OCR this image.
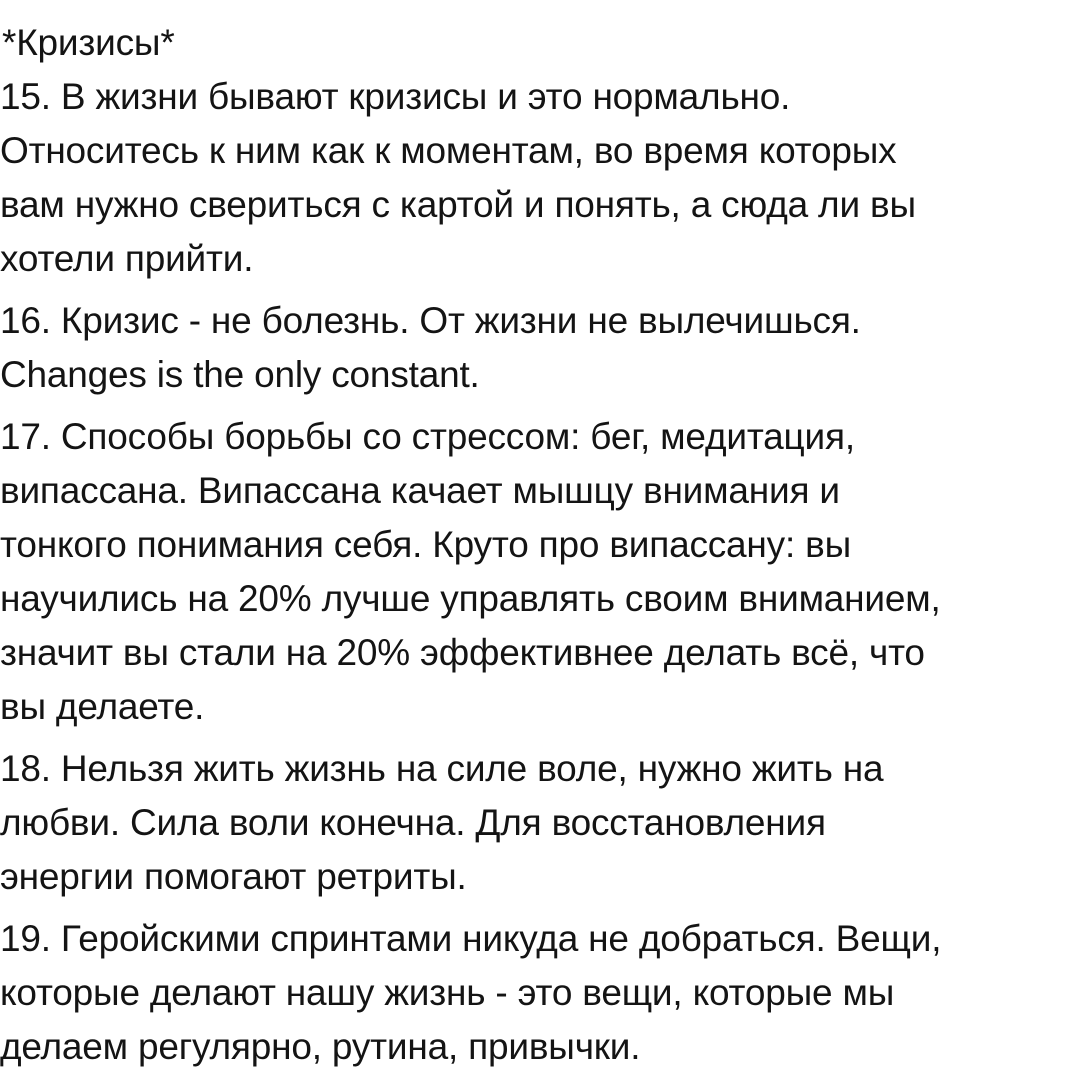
*Кризисы*
15. В жизни бывают кризисы и это нормально.
Относитесь к ним как к моментам, во время которых
вам нужно свериться с картой и понять, а сюда ли вы
хотели прийти.
16. Кризис - не болезнь. От жизни не вылечишься.
Changes is the only constant.
17. Способы борьбы со стрессом: бег, медитация,
випассана. Випассана качает мышцу внимания и
тонкого понимания себя. Круто про випассану: вы
научились на 20% лучше управлять своим вниманием,
значит вы стали на 20% эффективнее делать всё, что
вы делаете.
18. Нельзя жить жизнь на силе воле, нужно жить на
любви. Сила воли конечна. Для восстановления
энергии помогают ретриты.
19. Геройскими спринтами никуда не добраться. Вещи,
которые делают нашу жизнь - это вещи, которые мы
делаем регулярно, рутина, привычки.
